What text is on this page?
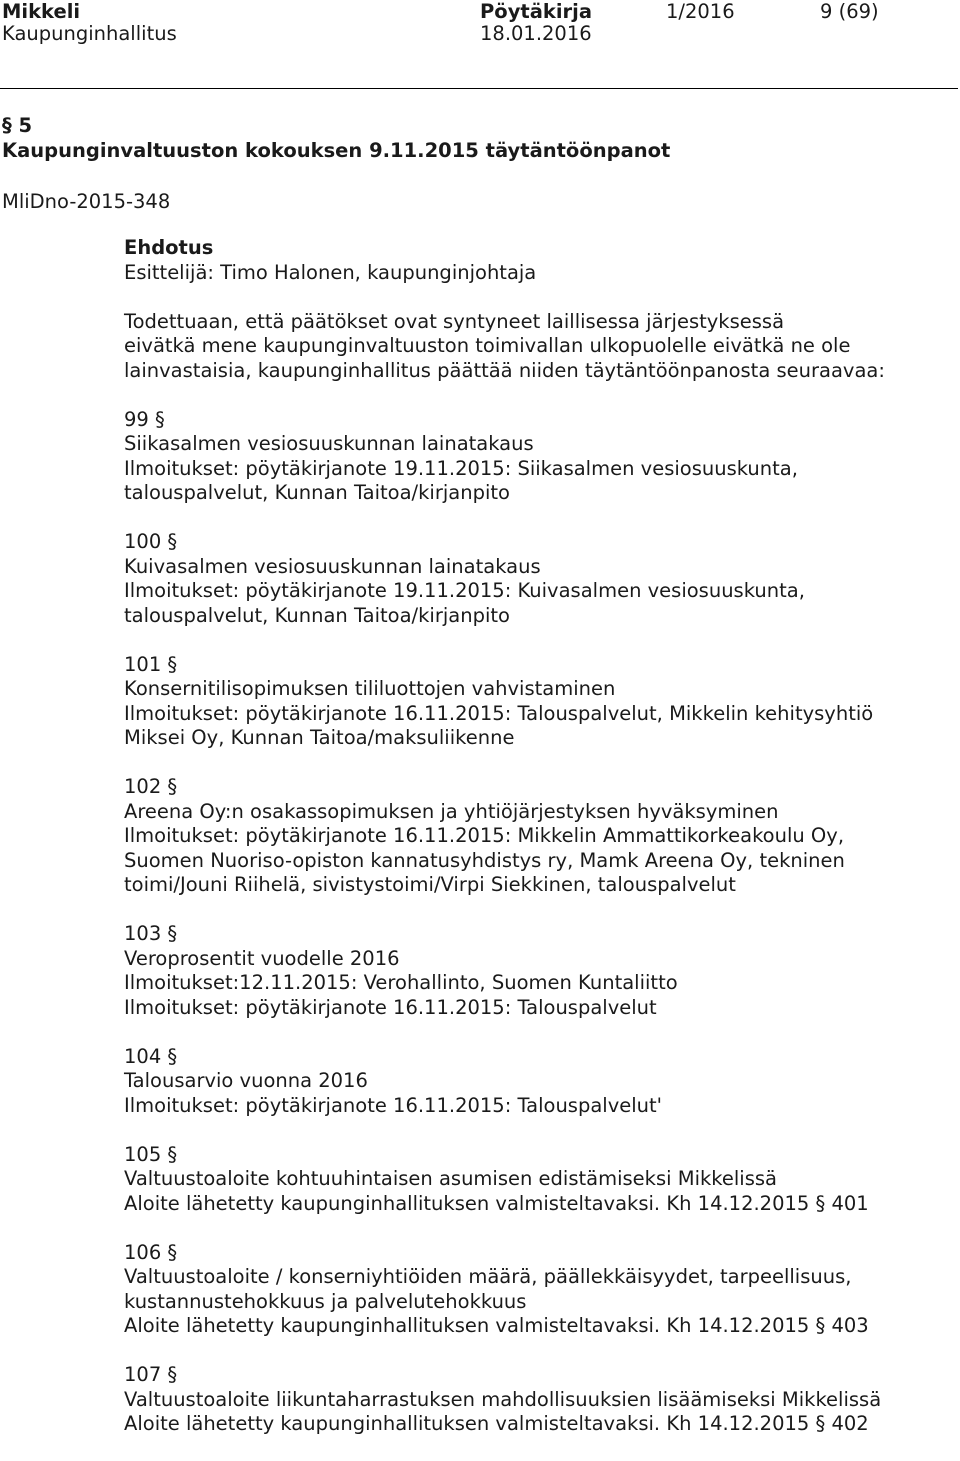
Mikkeli
Kaupunginhallitus
Pöytäkirja
18.01.2016
1/2016	9 (69)
§ 5
Kaupunginvaltuuston kokouksen 9.11.2015 täytäntöönpanot
MliDno-2015-348

Ehdotus

Esittelijä: Timo Halonen, kaupunginjohtaja

Todettuaan, että päätökset ovat syntyneet laillisessa järjestyksessä

eivätkä mene kaupunginvaltuuston toimivallan ulkopuolelle eivätkä ne ole

lainvastaisia, kaupunginhallitus päättää niiden täytäntöönpanosta seuraavaa:

99 §
Siikasalmen vesiosuuskunnan lainatakaus
Ilmoitukset: pöytäkirjanote 19.11.2015: Siikasalmen vesiosuuskunta,
talouspalvelut, Kunnan Taitoa/kirjanpito
100 §
Kuivasalmen vesiosuuskunnan lainatakaus
Ilmoitukset: pöytäkirjanote 19.11.2015: Kuivasalmen vesiosuuskunta,
talouspalvelut, Kunnan Taitoa/kirjanpito
101 §
Konsernitilisopimuksen tililuottojen vahvistaminen
Ilmoitukset: pöytäkirjanote 16.11.2015: Talouspalvelut, Mikkelin kehitysyhtiö
Miksei Oy, Kunnan Taitoa/maksuliikenne
102 §
Areena Oy:n osakassopimuksen ja yhtiöjärjestyksen hyväksyminen
Ilmoitukset: pöytäkirjanote 16.11.2015: Mikkelin Ammattikorkeakoulu Oy,
Suomen Nuoriso-opiston kannatusyhdistys ry, Mamk Areena Oy, tekninen
toimi/Jouni Riihelä, sivistystoimi/Virpi Siekkinen, talouspalvelut
103 §
Veroprosentit vuodelle 2016
Ilmoitukset:12.11.2015: Verohallinto, Suomen Kuntaliitto
Ilmoitukset: pöytäkirjanote 16.11.2015: Talouspalvelut
104 §
Talousarvio vuonna 2016
Ilmoitukset: pöytäkirjanote 16.11.2015: Talouspalvelut'
105 §
Valtuustoaloite kohtuuhintaisen asumisen edistämiseksi Mikkelissä
Aloite lähetetty kaupunginhallituksen valmisteltavaksi. Kh 14.12.2015 § 401
106 §
Valtuustoaloite / konserniyhtiöiden määrä, päällekkäisyydet, tarpeellisuus,
kustannustehokkuus ja palvelutehokkuus
Aloite lähetetty kaupunginhallituksen valmisteltavaksi. Kh 14.12.2015 § 403
107 §
Valtuustoaloite liikuntaharrastuksen mahdollisuuksien lisäämiseksi Mikkelissä
Aloite lähetetty kaupunginhallituksen valmisteltavaksi. Kh 14.12.2015 § 402
